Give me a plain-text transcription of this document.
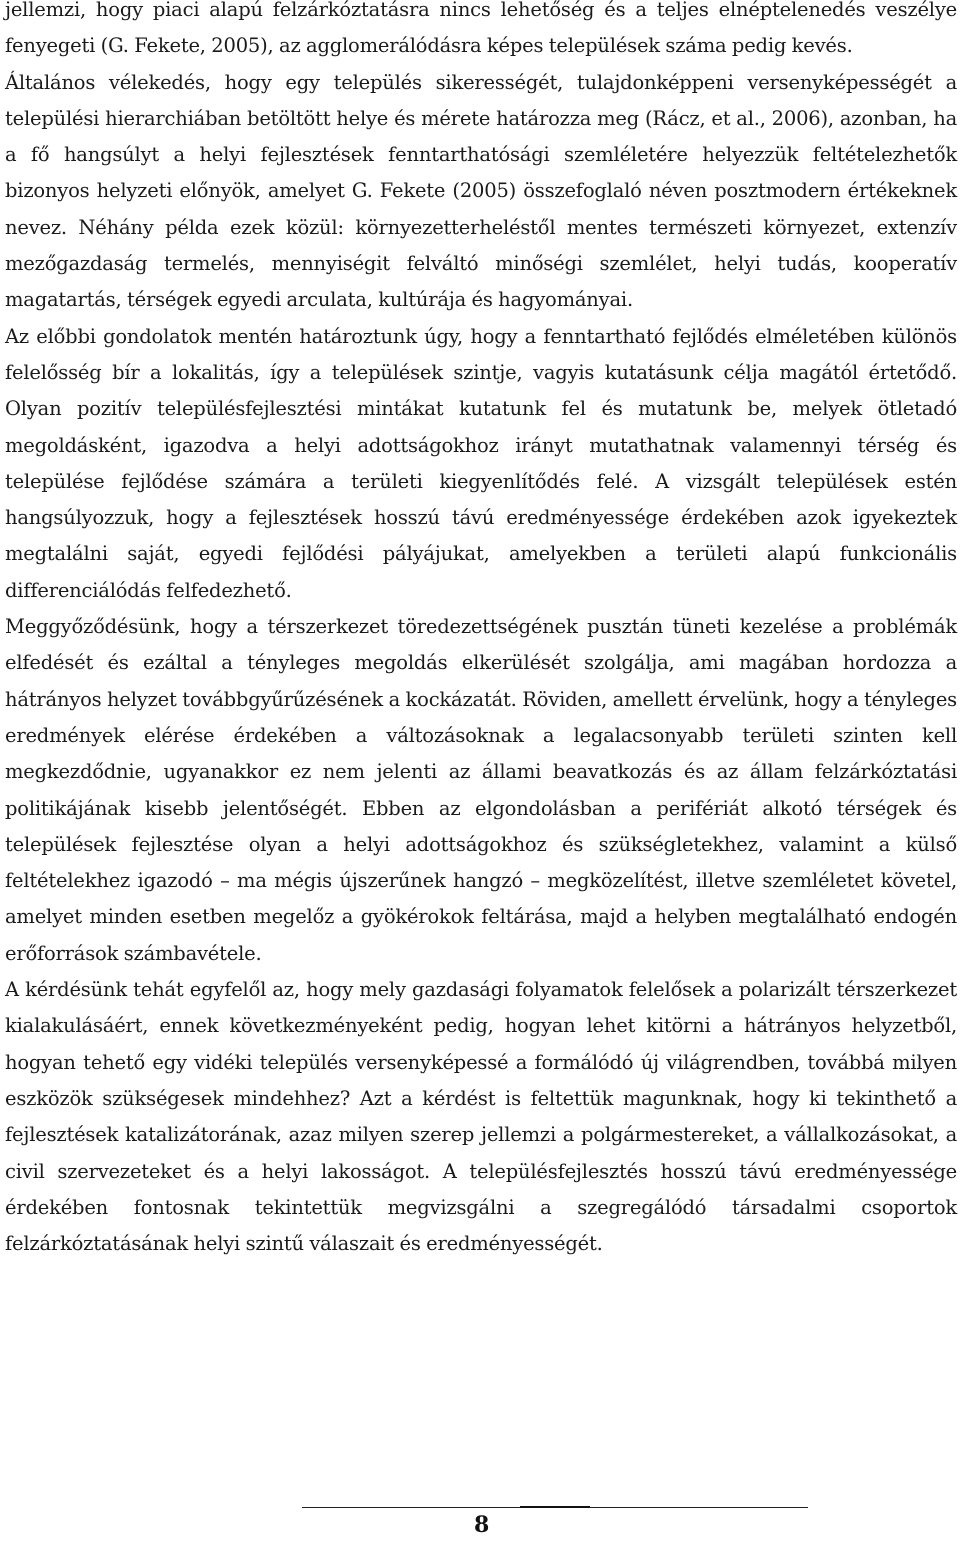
jellemzi, hogy piaci alapú felzárkóztatásra nincs lehetőség és a teljes elnéptelenedés veszélye fenyegeti (G. Fekete, 2005), az agglomerálódásra képes települések száma pedig kevés.

Általános vélekedés, hogy egy település sikerességét, tulajdonképpeni versenyképességét a települési hierarchiában betöltött helye és mérete határozza meg (Rácz, et al., 2006), azonban, ha a fő hangsúlyt a helyi fejlesztések fenntarthatósági szemléletére helyezzük feltételezhetők bizonyos helyzeti előnyök, amelyet G. Fekete (2005) összefoglaló néven posztmodern értékeknek nevez. Néhány példa ezek közül: környezetterheléstől mentes természeti környezet, extenzív mezőgazdaság termelés, mennyiségit felváltó minőségi szemlélet, helyi tudás, kooperatív magatartás, térségek egyedi arculata, kultúrája és hagyományai.

Az előbbi gondolatok mentén határoztunk úgy, hogy a fenntartható fejlődés elméletében különös felelősség bír a lokalitás, így a települések szintje, vagyis kutatásunk célja magától értetődő. Olyan pozitív településfejlesztési mintákat kutatunk fel és mutatunk be, melyek ötletadó megoldásként, igazodva a helyi adottságokhoz irányt mutathatnak valamennyi térség és települése fejlődése számára a területi kiegyenlítődés felé. A vizsgált települések estén hangsúlyozzuk, hogy a fejlesztések hosszú távú eredményessége érdekében azok igyekeztek megtalálni saját, egyedi fejlődési pályájukat, amelyekben a területi alapú funkcionális differenciálódás felfedezhető.

Meggyőződésünk, hogy a térszerkezet töredezettségének pusztán tüneti kezelése a problémák elfedését és ezáltal a tényleges megoldás elkerülését szolgálja, ami magában hordozza a hátrányos helyzet továbbgyűrűzésének a kockázatát. Röviden, amellett érvelünk, hogy a tényleges eredmények elérése érdekében a változásoknak a legalacsonyabb területi szinten kell megkezdődnie, ugyanakkor ez nem jelenti az állami beavatkozás és az állam felzárkóztatási politikájának kisebb jelentőségét. Ebben az elgondolásban a perifériát alkotó térségek és települések fejlesztése olyan a helyi adottságokhoz és szükségletekhez, valamint a külső feltételekhez igazodó – ma mégis újszerűnek hangzó – megközelítést, illetve szemléletet követel, amelyet minden esetben megelőz a gyökérokok feltárása, majd a helyben megtalálható endogén erőforrások számbavétele.

A kérdésünk tehát egyfelől az, hogy mely gazdasági folyamatok felelősek a polarizált térszerkezet kialakulásáért, ennek következményeként pedig, hogyan lehet kitörni a hátrányos helyzetből, hogyan tehető egy vidéki település versenyképessé a formálódó új világrendben, továbbá milyen eszközök szükségesek mindehhez? Azt a kérdést is feltettük magunknak, hogy ki tekinthető a fejlesztések katalizátorának, azaz milyen szerep jellemzi a polgármestereket, a vállalkozásokat, a civil szervezeteket és a helyi lakosságot. A településfejlesztés hosszú távú eredményessége érdekében fontosnak tekintettük megvizsgálni a szegregálódó társadalmi csoportok felzárkóztatásának helyi szintű válaszait és eredményességét.

8
